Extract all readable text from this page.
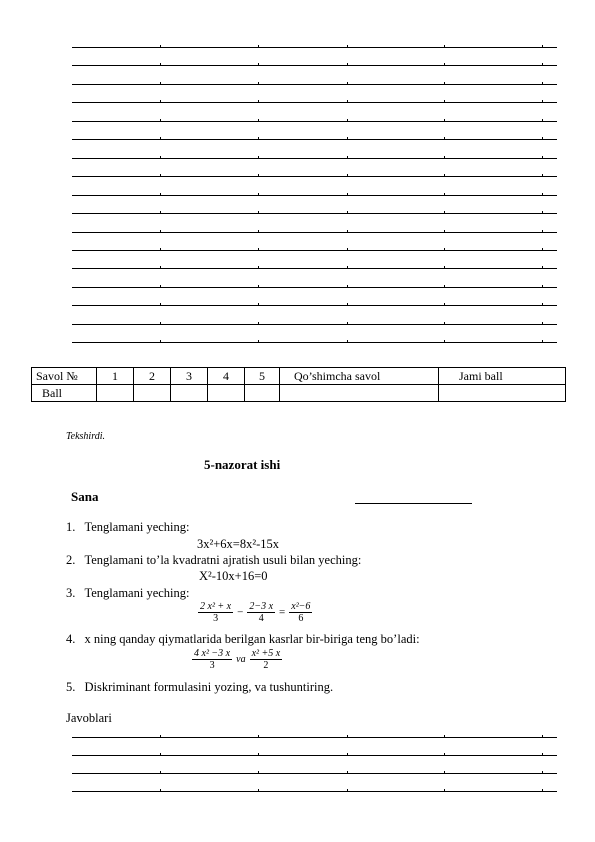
Savol №	1	2	3	4	5	Qo’shimcha savol	Jami ball
Ball							
Tekshirdi.
5-nazorat ishi
Sana
1. Tenglamani yeching:
3x²+6x=8x²-15x
2. Tenglamani to’la kvadratni ajratish usuli bilan yeching:
X²-10x+16=0
3. Tenglamani yeching:
$\frac{\text{2 x² + x}}{3} - \frac{2-3 x}{4} = \frac{\text{x²−6}}{6}$
4. x ning qanday qiymatlarida berilgan kasrlar bir-biriga teng bo’ladi:
$\frac{\text{4 x² −3 x}}{3}$ va $\frac{\text{x² +5 x}}{2}$
5. Diskriminant formulasini yozing, va tushuntiring.
Javoblari
